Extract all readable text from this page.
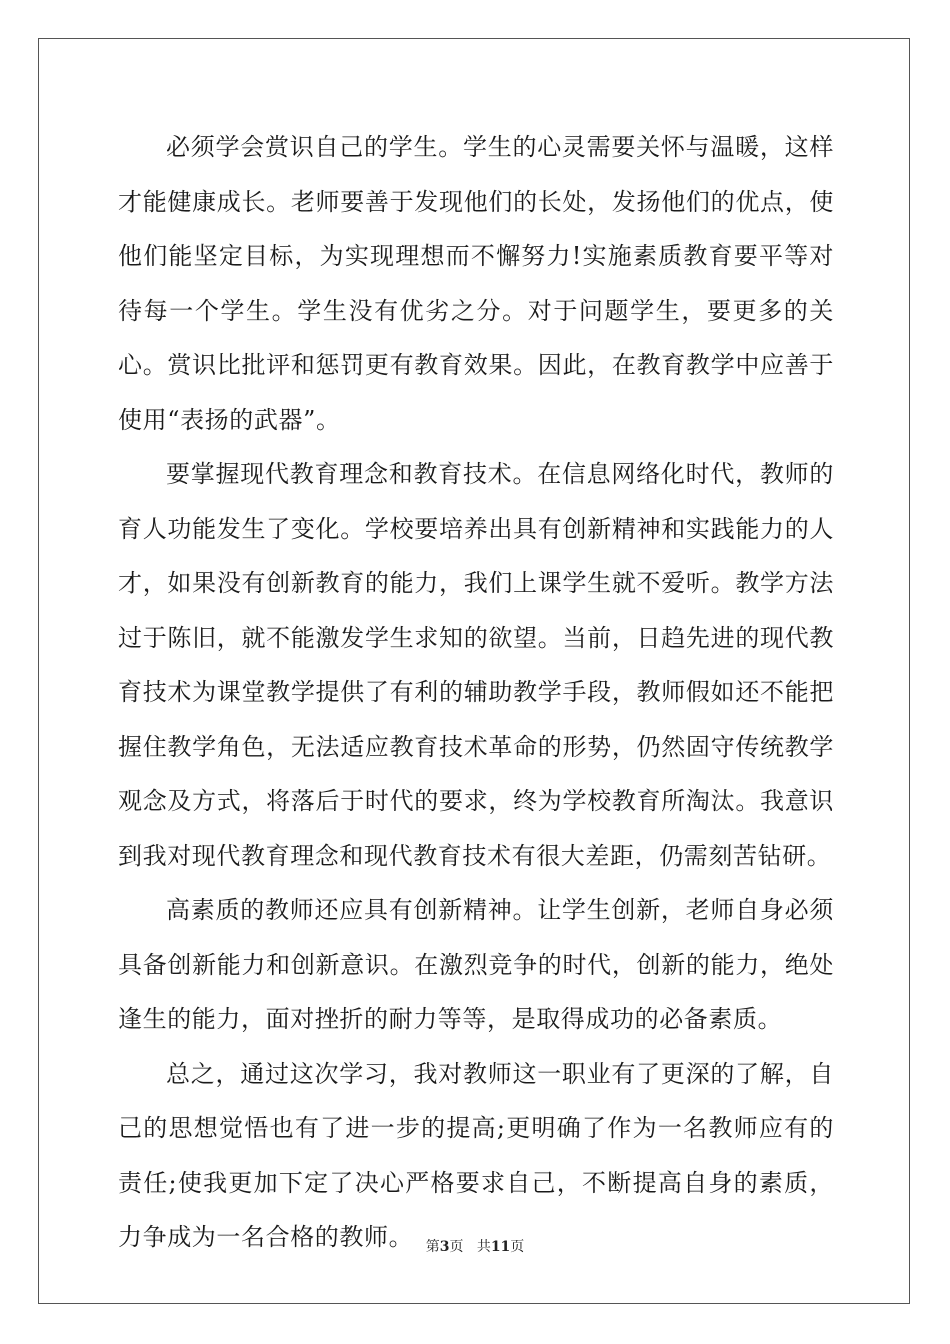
必须学会赏识自己的学生。学生的心灵需要关怀与温暖，这样才能健康成长。老师要善于发现他们的长处，发扬他们的优点，使他们能坚定目标，为实现理想而不懈努力!实施素质教育要平等对待每一个学生。学生没有优劣之分。对于问题学生，要更多的关心。赏识比批评和惩罚更有教育效果。因此，在教育教学中应善于使用“表扬的武器”。

要掌握现代教育理念和教育技术。在信息网络化时代，教师的育人功能发生了变化。学校要培养出具有创新精神和实践能力的人才，如果没有创新教育的能力，我们上课学生就不爱听。教学方法过于陈旧，就不能激发学生求知的欲望。当前，日趋先进的现代教育技术为课堂教学提供了有利的辅助教学手段，教师假如还不能把握住教学角色，无法适应教育技术革命的形势，仍然固守传统教学观念及方式，将落后于时代的要求，终为学校教育所淘汰。我意识到我对现代教育理念和现代教育技术有很大差距，仍需刻苦钻研。

高素质的教师还应具有创新精神。让学生创新，老师自身必须具备创新能力和创新意识。在激烈竞争的时代，创新的能力，绝处逢生的能力，面对挫折的耐力等等，是取得成功的必备素质。

总之，通过这次学习，我对教师这一职业有了更深的了解，自己的思想觉悟也有了进一步的提高;更明确了作为一名教师应有的责任;使我更加下定了决心严格要求自己，不断提高自身的素质，力争成为一名合格的教师。 第3页 共11页
